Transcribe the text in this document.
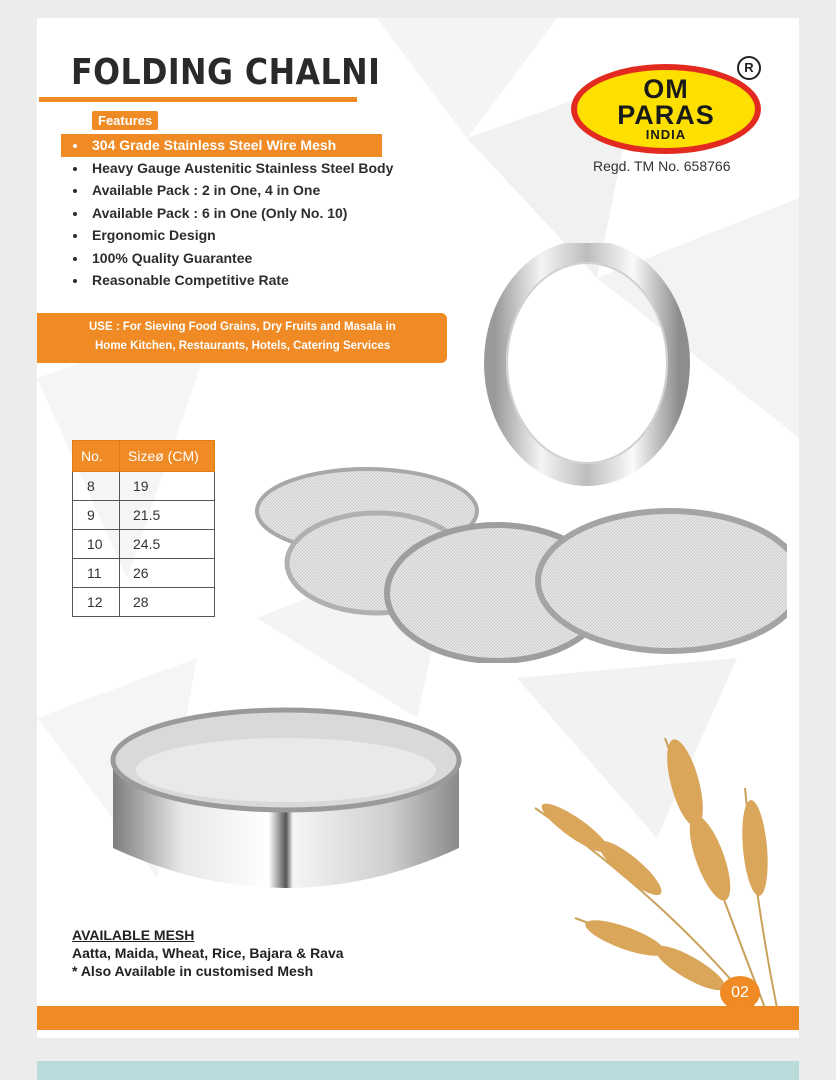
FOLDING CHALNI
Features
304 Grade Stainless Steel Wire Mesh
Heavy Gauge Austenitic Stainless Steel Body
Available Pack : 2 in One, 4 in One
Available Pack : 6 in One (Only No. 10)
Ergonomic Design
100% Quality Guarantee
Reasonable Competitive Rate
OM
PARAS
INDIA
R
Regd. TM No. 658766
USE : For Sieving Food Grains, Dry Fruits and Masala in
Home Kitchen, Restaurants, Hotels, Catering Services
No.	Sizeø (CM)
8	19
9	21.5
10	24.5
11	26
12	28
AVAILABLE MESH
Aatta, Maida, Wheat, Rice, Bajara & Rava
* Also Available in customised Mesh
02
